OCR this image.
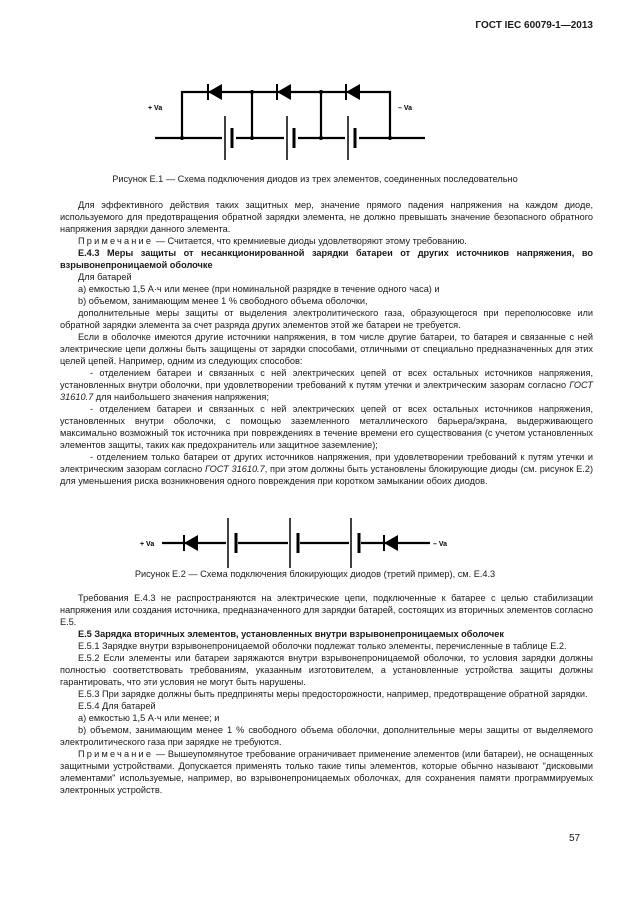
ГОСТ IEC 60079-1—2013
+ Va	– Va
+ Va	– Va
Рисунок Е.1 — Схема подключения диодов из трех элементов, соединенных последовательно

Для эффективного действия таких защитных мер, значение прямого падения напряжения на каждом диоде, используемого для предотвращения обратной зарядки элемента, не должно превышать значение безопасного обратного напряжения зарядки данного элемента.

Примечание — Считается, что кремниевые диоды удовлетворяют этому требованию.

Е.4.3 Меры защиты от несанкционированной зарядки батареи от других источников напряжения, во взрывонепроницаемой оболочке

Для батарей

а) емкостью 1,5 А·ч или менее (при номинальной разрядке в течение одного часа) и

b) объемом, занимающим менее 1 % свободного объема оболочки,

дополнительные меры защиты от выделения электролитического газа, образующегося при переполюсовке или обратной зарядки элемента за счет разряда других элементов этой же батареи не требуется.

Если в оболочке имеются другие источники напряжения, в том числе другие батареи, то батарея и связанные с ней электрические цепи должны быть защищены от зарядки способами, отличными от специально предназначенных для этих целей цепей. Например, одним из следующих способов:

- отделением батареи и связанных с ней электрических цепей от всех остальных источников напряжения, установленных внутри оболочки, при удовлетворении требований к путям утечки и электрическим зазорам согласно ГОСТ 31610.7 для наибольшего значения напряжения;

- отделением батареи и связанных с ней электрических цепей от всех остальных источников напряжения, установленных внутри оболочки, с помощью заземленного металлического барьера/экрана, выдерживающего максимально возможный ток источника при повреждениях в течение времени его существования (с учетом установленных элементов защиты, таких как предохранитель или защитное заземление);

- отделением только батареи от других источников напряжения, при удовлетворении требований к путям утечки и электрическим зазорам согласно ГОСТ 31610.7, при этом должны быть установлены блокирующие диоды (см. рисунок Е.2) для уменьшения риска возникновения одного повреждения при коротком замыкании обоих диодов.

Рисунок Е.2 — Схема подключения блокирующих диодов (третий пример), см. Е.4.3

Требования Е.4.3 не распространяются на электрические цепи, подключенные к батарее с целью стабилизации напряжения или создания источника, предназначенного для зарядки батарей, состоящих из вторичных элементов согласно Е.5.

Е.5 Зарядка вторичных элементов, установленных внутри взрывонепроницаемых оболочек

Е.5.1 Зарядке внутри взрывонепроницаемой оболочки подлежат только элементы, перечисленные в таблице Е.2.

Е.5.2 Если элементы или батареи заряжаются внутри взрывонепроницаемой оболочки, то условия зарядки должны полностью соответствовать требованиям, указанным изготовителем, а установленные устройства защиты должны гарантировать, что эти условия не могут быть нарушены.

Е.5.3 При зарядке должны быть предприняты меры предосторожности, например, предотвращение обратной зарядки.

Е.5.4 Для батарей

а) емкостью 1,5 А·ч или менее; и

b) объемом, занимающим менее 1 % свободного объема оболочки, дополнительные меры защиты от выделяемого электролитического газа при зарядке не требуются.

Примечание — Вышеупомянутое требование ограничивает применение элементов (или батареи), не оснащенных защитными устройствами. Допускается применять только такие типы элементов, которые обычно называют "дисковыми элементами" используемые, например, во взрывонепроницаемых оболочках, для сохранения памяти программируемых электронных устройств.

57
